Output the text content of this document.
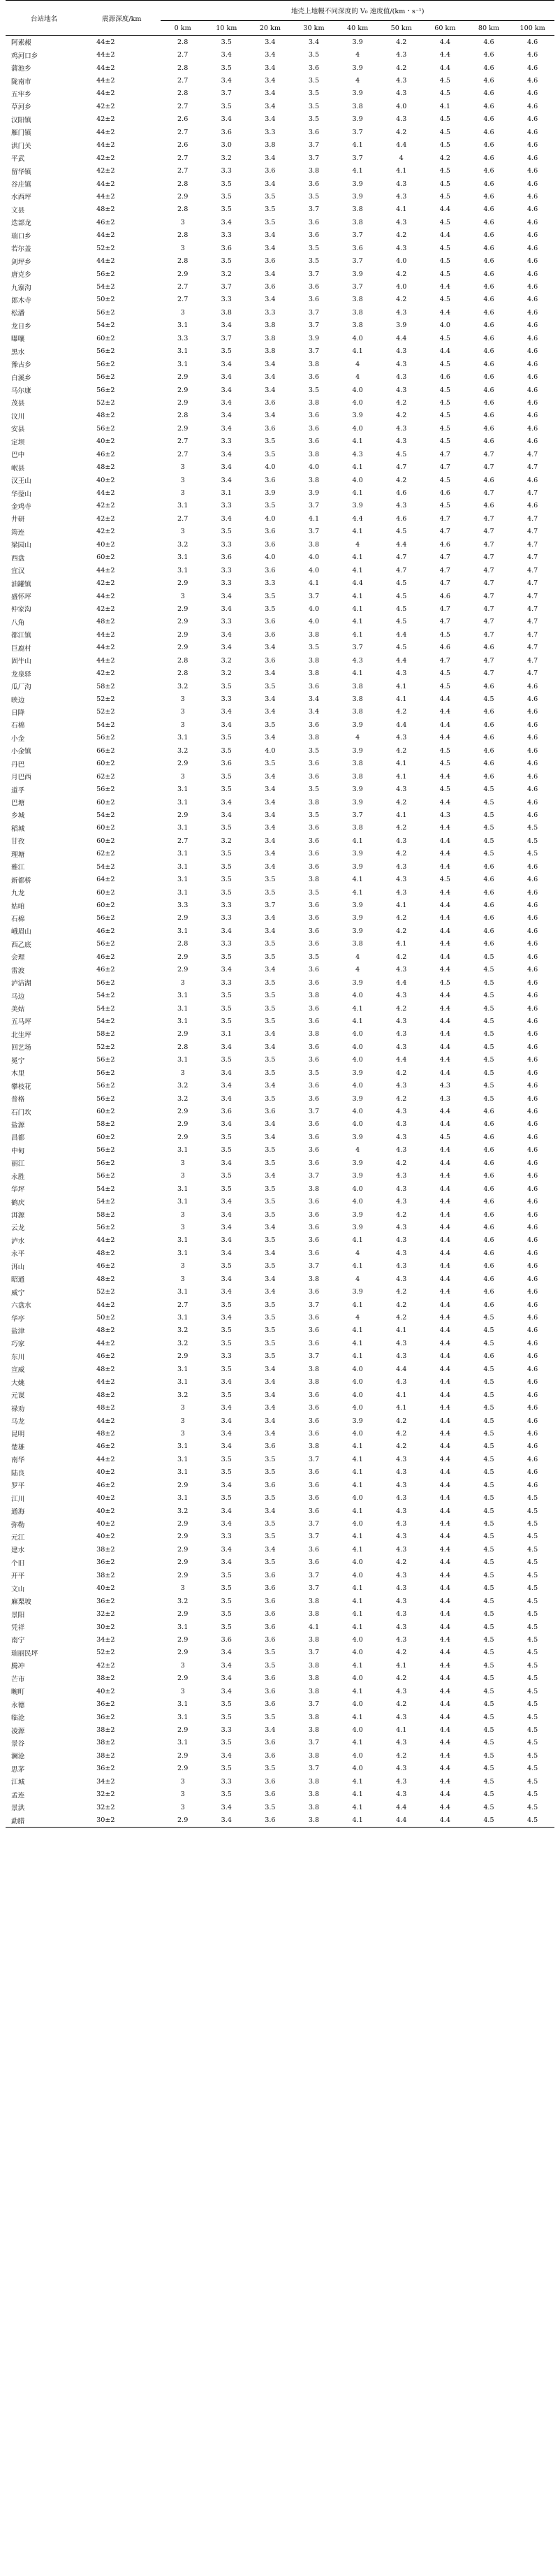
台站地名	震源深度/km	地壳上地幔不同深度的 V₀ 速度值/(km・s⁻¹)								
		0 km	10 km	20 km	30 km	40 km	50 km	60 km	80 km	100 km
阿素赧	44±2	2.8	3.5	3.4	3.4	3.9	4.2	4.4	4.6	4.6
鸡河口乡	44±2	2.7	3.4	3.4	3.5	4	4.3	4.4	4.6	4.6
蒲池乡	44±2	2.8	3.5	3.4	3.6	3.9	4.2	4.4	4.6	4.6
陇南市	44±2	2.7	3.4	3.4	3.5	4	4.3	4.5	4.6	4.6
五牢乡	44±2	2.8	3.7	3.4	3.5	3.9	4.3	4.5	4.6	4.6
草河乡	42±2	2.7	3.5	3.4	3.5	3.8	4.0	4.1	4.6	4.6
汉阳镇	42±2	2.6	3.4	3.4	3.5	3.9	4.3	4.5	4.6	4.6
雁门镇	44±2	2.7	3.6	3.3	3.6	3.7	4.2	4.5	4.6	4.6
洪门关	44±2	2.6	3.0	3.8	3.7	4.1	4.4	4.5	4.6	4.6
平武	42±2	2.7	3.2	3.4	3.7	3.7	4	4.2	4.6	4.6
留华镇	42±2	2.7	3.3	3.6	3.8	4.1	4.1	4.5	4.6	4.6
谷庄镇	44±2	2.8	3.5	3.4	3.6	3.9	4.3	4.5	4.6	4.6
水西坪	44±2	2.9	3.5	3.5	3.5	3.9	4.3	4.5	4.6	4.6
文县	48±2	2.8	3.5	3.5	3.7	3.8	4.1	4.4	4.6	4.6
迭部龙	46±2	3	3.4	3.5	3.6	3.8	4.3	4.5	4.6	4.6
瑞口乡	44±2	2.8	3.3	3.4	3.6	3.7	4.2	4.4	4.6	4.6
若尔盖	52±2	3	3.6	3.4	3.5	3.6	4.3	4.5	4.6	4.6
剑坪乡	44±2	2.8	3.5	3.6	3.5	3.7	4.0	4.5	4.6	4.6
唐克乡	56±2	2.9	3.2	3.4	3.7	3.9	4.2	4.5	4.6	4.6
九寨沟	54±2	2.7	3.7	3.6	3.6	3.7	4.0	4.4	4.6	4.6
郎木寺	50±2	2.7	3.3	3.4	3.6	3.8	4.2	4.5	4.6	4.6
松潘	56±2	3	3.8	3.3	3.7	3.8	4.3	4.4	4.6	4.6
龙日乡	54±2	3.1	3.4	3.8	3.7	3.8	3.9	4.0	4.6	4.6
曝嚷	60±2	3.3	3.7	3.8	3.9	4.0	4.4	4.5	4.6	4.6
黑水	56±2	3.1	3.5	3.8	3.7	4.1	4.3	4.4	4.6	4.6
豫古乡	56±2	3.1	3.4	3.4	3.8	4	4.3	4.5	4.6	4.6
白溪乡	56±2	2.9	3.4	3.4	3.6	4	4.3	4.6	4.6	4.6
马尔康	56±2	2.9	3.4	3.4	3.5	4.0	4.3	4.5	4.6	4.6
茂县	52±2	2.9	3.4	3.6	3.8	4.0	4.2	4.5	4.6	4.6
汶川	48±2	2.8	3.4	3.4	3.6	3.9	4.2	4.5	4.6	4.6
安县	56±2	2.9	3.4	3.6	3.6	4.0	4.3	4.5	4.6	4.6
定坝	40±2	2.7	3.3	3.5	3.6	4.1	4.3	4.5	4.6	4.6
巴中	46±2	2.7	3.4	3.5	3.8	4.3	4.5	4.7	4.7	4.7
岷县	48±2	3	3.4	4.0	4.0	4.1	4.7	4.7	4.7	4.7
汉王山	40±2	3	3.4	3.6	3.8	4.0	4.2	4.5	4.6	4.6
华蓥山	44±2	3	3.1	3.9	3.9	4.1	4.6	4.6	4.7	4.7
金鸡寺	42±2	3.1	3.3	3.5	3.7	3.9	4.3	4.5	4.6	4.6
井研	42±2	2.7	3.4	4.0	4.1	4.4	4.6	4.7	4.7	4.7
筠连	42±2	3	3.5	3.6	3.7	4.1	4.5	4.7	4.7	4.7
梁园山	40±2	3.2	3.3	3.6	3.8	4	4.4	4.6	4.7	4.7
西盘	60±2	3.1	3.6	4.0	4.0	4.1	4.7	4.7	4.7	4.7
宜汉	44±2	3.1	3.3	3.6	4.0	4.1	4.7	4.7	4.7	4.7
油罐镇	42±2	2.9	3.3	3.3	4.1	4.4	4.5	4.7	4.7	4.7
盛怀坪	44±2	3	3.4	3.5	3.7	4.1	4.5	4.6	4.7	4.7
仲家沟	42±2	2.9	3.4	3.5	4.0	4.1	4.5	4.7	4.7	4.7
八角	48±2	2.9	3.3	3.6	4.0	4.1	4.5	4.7	4.7	4.7
都江镇	44±2	2.9	3.4	3.6	3.8	4.1	4.4	4.5	4.7	4.7
巨鹿村	44±2	2.9	3.4	3.4	3.5	3.7	4.5	4.6	4.6	4.7
固牛山	44±2	2.8	3.2	3.6	3.8	4.3	4.4	4.7	4.7	4.7
龙泉驿	42±2	2.8	3.2	3.4	3.8	4.1	4.3	4.5	4.7	4.7
瓜厂沟	58±2	3.2	3.5	3.5	3.6	3.8	4.1	4.5	4.6	4.6
映边	52±2	3	3.3	3.4	3.4	3.8	4.1	4.4	4.5	4.6
日降	52±2	3	3.4	3.4	3.4	3.8	4.2	4.4	4.6	4.6
石棉	54±2	3	3.4	3.5	3.6	3.9	4.4	4.4	4.6	4.6
小金	56±2	3.1	3.5	3.4	3.8	4	4.3	4.4	4.6	4.6
小金镇	66±2	3.2	3.5	4.0	3.5	3.9	4.2	4.5	4.6	4.6
丹巴	60±2	2.9	3.6	3.5	3.6	3.8	4.1	4.5	4.6	4.6
月巴西	62±2	3	3.5	3.4	3.6	3.8	4.1	4.4	4.6	4.6
道孚	56±2	3.1	3.5	3.4	3.5	3.9	4.3	4.5	4.5	4.6
巴塘	60±2	3.1	3.4	3.4	3.8	3.9	4.2	4.4	4.5	4.6
乡城	54±2	2.9	3.4	3.4	3.5	3.7	4.1	4.3	4.5	4.6
稻城	60±2	3.1	3.5	3.4	3.6	3.8	4.2	4.4	4.5	4.5
甘孜	60±2	2.7	3.2	3.4	3.6	4.1	4.3	4.4	4.5	4.5
理塘	62±2	3.1	3.5	3.4	3.6	3.9	4.2	4.4	4.5	4.5
雅江	54±2	3.1	3.5	3.4	3.6	3.9	4.3	4.4	4.6	4.6
新都桥	64±2	3.1	3.5	3.5	3.8	4.1	4.3	4.5	4.6	4.6
九龙	60±2	3.1	3.5	3.5	3.5	4.1	4.3	4.4	4.6	4.6
姑咱	60±2	3.3	3.3	3.7	3.6	3.9	4.1	4.4	4.6	4.6
石棉	56±2	2.9	3.3	3.4	3.6	3.9	4.2	4.4	4.6	4.6
峨眉山	46±2	3.1	3.4	3.4	3.6	3.9	4.2	4.4	4.6	4.6
西乙底	56±2	2.8	3.3	3.5	3.6	3.8	4.1	4.4	4.6	4.6
会理	46±2	2.9	3.5	3.5	3.5	4	4.2	4.4	4.5	4.6
雷波	46±2	2.9	3.4	3.4	3.6	4	4.3	4.4	4.5	4.6
泸洁湖	56±2	3	3.3	3.5	3.6	3.9	4.4	4.5	4.5	4.6
马边	54±2	3.1	3.5	3.5	3.8	4.0	4.3	4.4	4.5	4.6
美姑	54±2	3.1	3.5	3.5	3.6	4.1	4.2	4.4	4.5	4.6
五马坪	54±2	3.1	3.5	3.5	3.6	4.1	4.3	4.4	4.5	4.6
北生坪	58±2	2.9	3.1	3.4	3.8	4.0	4.3	4.4	4.5	4.6
回艺场	52±2	2.8	3.4	3.4	3.6	4.0	4.3	4.4	4.5	4.6
冕宁	56±2	3.1	3.5	3.5	3.6	4.0	4.4	4.4	4.5	4.6
木里	56±2	3	3.4	3.5	3.5	3.9	4.2	4.4	4.5	4.6
攀枝花	56±2	3.2	3.4	3.4	3.6	4.0	4.3	4.3	4.5	4.6
普格	56±2	3.2	3.4	3.5	3.6	3.9	4.2	4.3	4.5	4.6
石门坎	60±2	2.9	3.6	3.6	3.7	4.0	4.3	4.4	4.6	4.6
盐源	58±2	2.9	3.4	3.4	3.6	4.0	4.3	4.4	4.6	4.6
昌都	60±2	2.9	3.5	3.4	3.6	3.9	4.3	4.5	4.6	4.6
中甸	56±2	3.1	3.5	3.5	3.6	4	4.3	4.4	4.6	4.6
丽江	56±2	3	3.4	3.5	3.6	3.9	4.2	4.4	4.6	4.6
永胜	56±2	3	3.5	3.4	3.7	3.9	4.3	4.4	4.6	4.6
华坪	54±2	3.1	3.5	3.5	3.8	4.0	4.3	4.4	4.6	4.6
鹤庆	54±2	3.1	3.4	3.5	3.6	4.0	4.3	4.4	4.6	4.6
洱源	58±2	3	3.4	3.5	3.6	3.9	4.2	4.4	4.6	4.6
云龙	56±2	3	3.4	3.4	3.6	3.9	4.3	4.4	4.6	4.6
泸水	44±2	3.1	3.4	3.5	3.6	4.1	4.3	4.4	4.6	4.6
永平	48±2	3.1	3.4	3.4	3.6	4	4.3	4.4	4.6	4.6
洱山	46±2	3	3.5	3.5	3.7	4.1	4.3	4.4	4.6	4.6
昭通	48±2	3	3.4	3.4	3.8	4	4.3	4.4	4.6	4.6
威宁	52±2	3.1	3.4	3.4	3.6	3.9	4.2	4.4	4.6	4.6
六盘水	44±2	2.7	3.5	3.5	3.7	4.1	4.2	4.4	4.6	4.6
华亭	50±2	3.1	3.4	3.5	3.6	4	4.2	4.4	4.5	4.6
盐津	48±2	3.2	3.5	3.5	3.6	4.1	4.1	4.4	4.5	4.6
巧家	44±2	3.2	3.5	3.5	3.6	4.1	4.3	4.4	4.5	4.6
东川	46±2	2.9	3.3	3.5	3.7	4.1	4.3	4.4	4.6	4.6
宣威	48±2	3.1	3.5	3.4	3.8	4.0	4.4	4.4	4.5	4.6
大姚	44±2	3.1	3.4	3.4	3.8	4.0	4.3	4.4	4.5	4.6
元谋	48±2	3.2	3.5	3.4	3.6	4.0	4.1	4.4	4.5	4.6
禄劝	48±2	3	3.4	3.4	3.6	4.0	4.1	4.4	4.5	4.6
马龙	44±2	3	3.4	3.4	3.6	3.9	4.2	4.4	4.5	4.6
昆明	48±2	3	3.4	3.4	3.6	4.0	4.2	4.4	4.5	4.6
楚雄	46±2	3.1	3.4	3.6	3.8	4.1	4.2	4.4	4.5	4.6
南华	44±2	3.1	3.5	3.5	3.7	4.1	4.3	4.4	4.5	4.6
陆良	40±2	3.1	3.5	3.5	3.6	4.1	4.3	4.4	4.5	4.6
罗平	46±2	2.9	3.4	3.6	3.6	4.1	4.3	4.4	4.5	4.6
江川	40±2	3.1	3.5	3.5	3.6	4.0	4.3	4.4	4.5	4.5
通海	40±2	3.2	3.4	3.4	3.6	4.1	4.3	4.4	4.5	4.5
弥勒	40±2	2.9	3.4	3.5	3.7	4.0	4.3	4.4	4.5	4.5
元江	40±2	2.9	3.3	3.5	3.7	4.1	4.3	4.4	4.5	4.5
建水	38±2	2.9	3.4	3.4	3.6	4.1	4.3	4.4	4.5	4.5
个旧	36±2	2.9	3.4	3.5	3.6	4.0	4.2	4.4	4.5	4.5
开平	38±2	2.9	3.5	3.6	3.7	4.0	4.3	4.4	4.5	4.5
文山	40±2	3	3.5	3.6	3.7	4.1	4.3	4.4	4.5	4.5
麻栗坡	36±2	3.2	3.5	3.6	3.8	4.1	4.3	4.4	4.5	4.5
景阳	32±2	2.9	3.5	3.6	3.8	4.1	4.3	4.4	4.5	4.5
凭祥	30±2	3.1	3.5	3.6	4.1	4.1	4.3	4.4	4.5	4.5
南宁	34±2	2.9	3.6	3.6	3.8	4.0	4.3	4.4	4.5	4.5
瑞丽民坪	52±2	2.9	3.4	3.5	3.7	4.0	4.2	4.4	4.5	4.5
腾冲	42±2	3	3.4	3.5	3.8	4.1	4.1	4.4	4.5	4.5
芒市	38±2	2.9	3.4	3.6	3.8	4.0	4.2	4.4	4.5	4.5
畹町	40±2	3	3.4	3.6	3.8	4.1	4.3	4.4	4.5	4.5
永德	36±2	3.1	3.5	3.6	3.7	4.0	4.2	4.4	4.5	4.5
临沧	36±2	3.1	3.5	3.5	3.8	4.1	4.3	4.4	4.5	4.5
凌源	38±2	2.9	3.3	3.4	3.8	4.0	4.1	4.4	4.5	4.5
景谷	38±2	3.1	3.5	3.6	3.7	4.1	4.3	4.4	4.5	4.5
澜沧	38±2	2.9	3.4	3.6	3.8	4.0	4.2	4.4	4.5	4.5
思茅	36±2	2.9	3.5	3.5	3.7	4.0	4.3	4.4	4.5	4.5
江城	34±2	3	3.3	3.6	3.8	4.1	4.3	4.4	4.5	4.5
孟连	32±2	3	3.5	3.6	3.8	4.1	4.3	4.4	4.5	4.5
景洪	32±2	3	3.4	3.5	3.8	4.1	4.4	4.4	4.5	4.5
勐腊	30±2	2.9	3.4	3.6	3.8	4.1	4.4	4.4	4.5	4.5
